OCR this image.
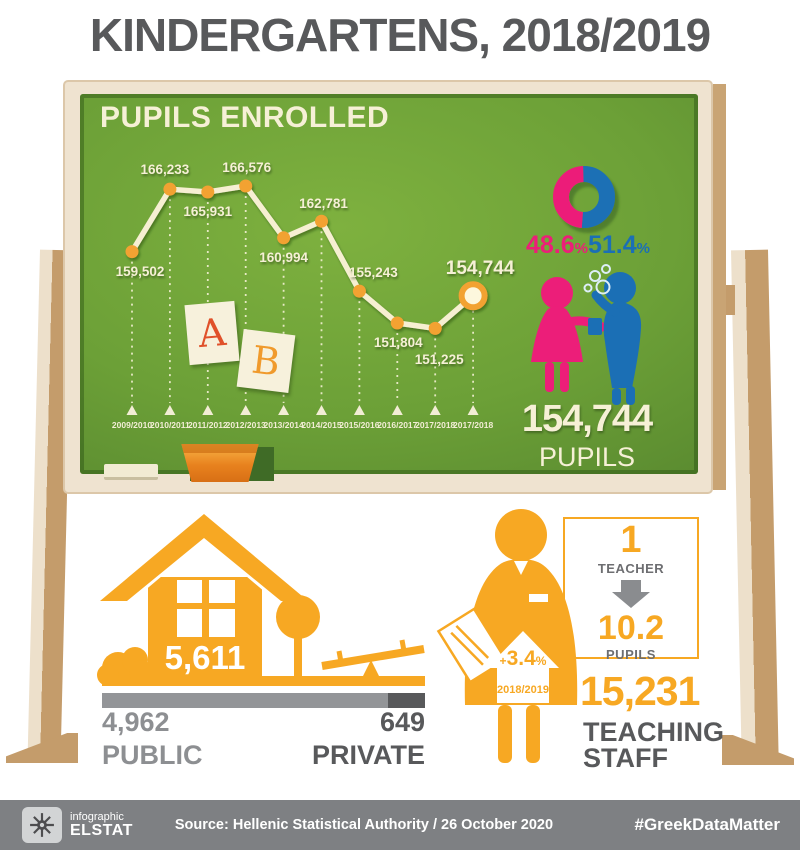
KINDERGARTENS, 2018/2019
PUPILS ENROLLED
2009/2010
159,502
2010/2011
166,233
2011/2012
165,931
2012/2013
166,576
2013/2014
160,994
2014/2015
162,781
2015/2016
155,243
2016/2017
151,804
2017/2018
151,225
2017/2018
154,744
A
B
48.6% 51.4%
154,744
PUPILS
5,611
4,962
PUBLIC
649
PRIVATE
1
TEACHER
10.2
PUPILS
+3.4%
2018/2019 15,231
TEACHING STAFF
infographic
ELSTAT	Source: Hellenic Statistical Authority / 26 October 2020	#GreekDataMatter
